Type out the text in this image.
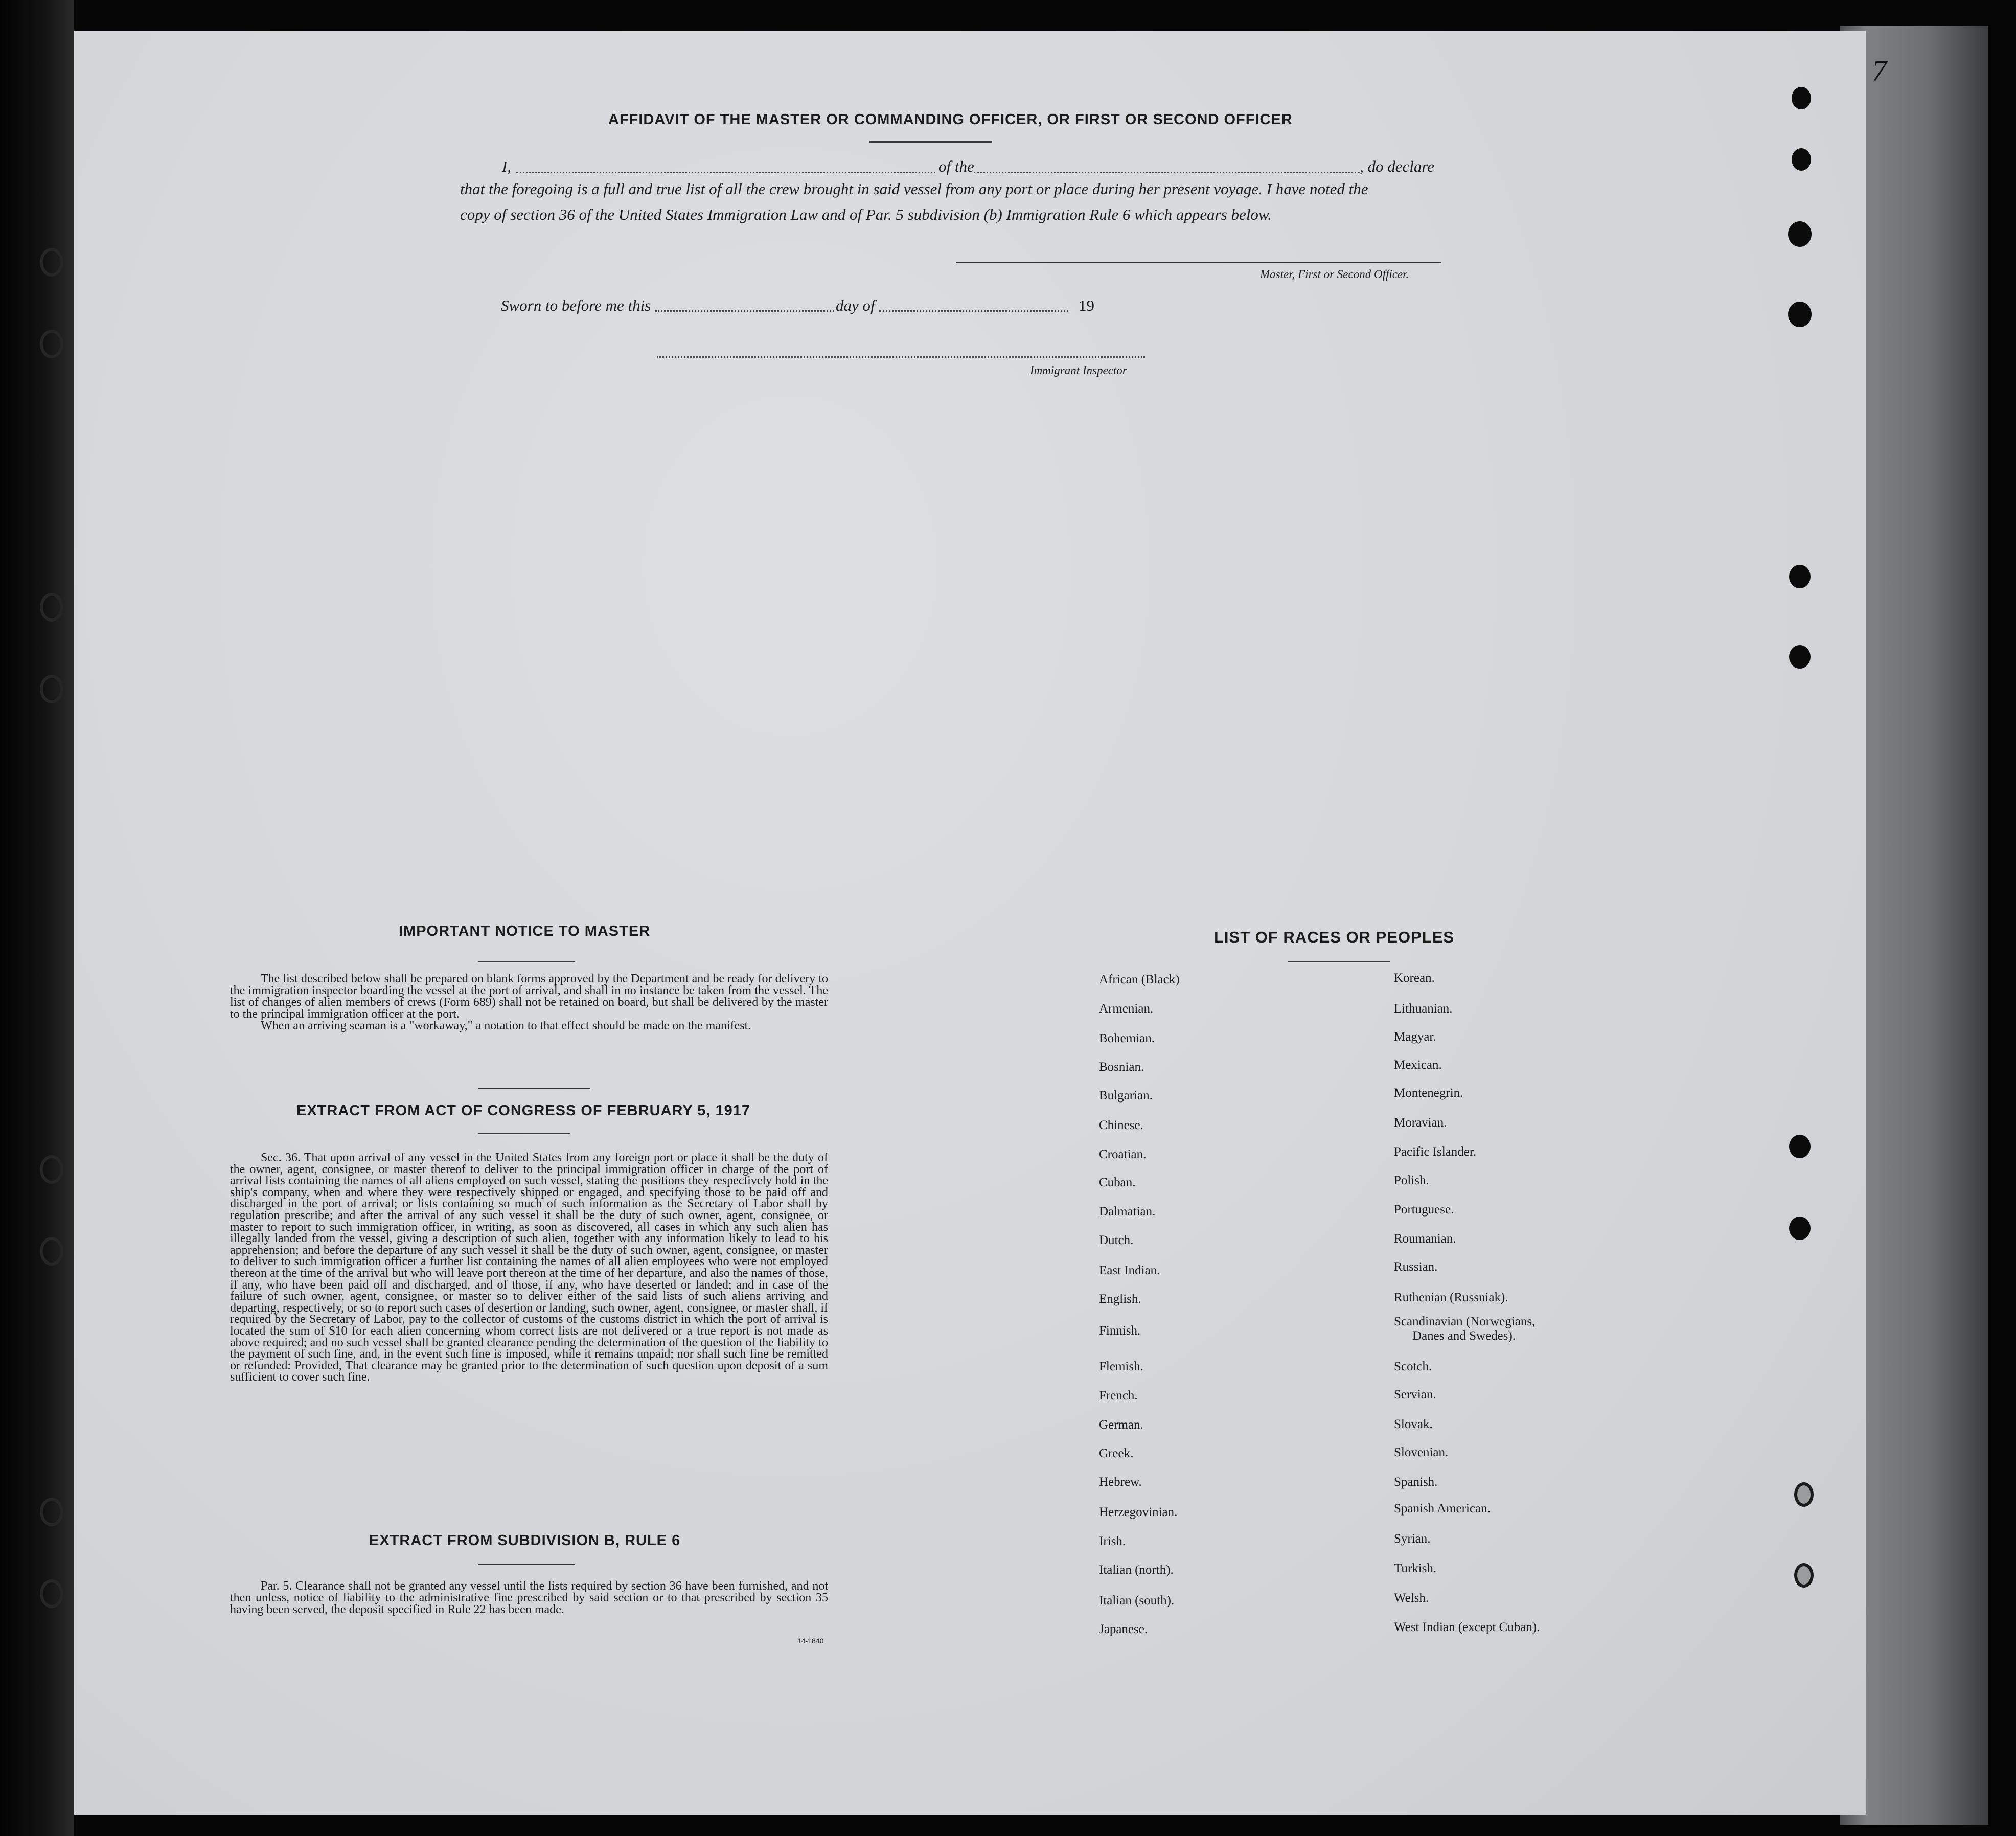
7
AFFIDAVIT OF THE MASTER OR COMMANDING OFFICER, OR FIRST OR SECOND OFFICER
I,	of the	, do declare
that the foregoing is a full and true list of all the crew brought in said vessel from any port or place during her present voyage. I have noted the
copy of section 36 of the United States Immigration Law and of Par. 5 subdivision (b) Immigration Rule 6 which appears below.
Master, First or Second Officer.
Sworn to before me this	day of	19
Immigrant Inspector
IMPORTANT NOTICE TO MASTER

The list described below shall be prepared on blank forms approved by the Department and be ready for delivery to the immigration inspector boarding the vessel at the port of arrival, and shall in no instance be taken from the vessel. The list of changes of alien members of crews (Form 689) shall not be retained on board, but shall be delivered by the master to the principal immigration officer at the port.

When an arriving seaman is a "workaway," a notation to that effect should be made on the manifest.

EXTRACT FROM ACT OF CONGRESS OF FEBRUARY 5, 1917

Sec. 36. That upon arrival of any vessel in the United States from any foreign port or place it shall be the duty of the owner, agent, consignee, or master thereof to deliver to the principal immigration officer in charge of the port of arrival lists containing the names of all aliens employed on such vessel, stating the positions they respectively hold in the ship's company, when and where they were respectively shipped or engaged, and specifying those to be paid off and discharged in the port of arrival; or lists containing so much of such information as the Secretary of Labor shall by regulation prescribe; and after the arrival of any such vessel it shall be the duty of such owner, agent, consignee, or master to report to such immigration officer, in writing, as soon as discovered, all cases in which any such alien has illegally landed from the vessel, giving a description of such alien, together with any information likely to lead to his apprehension; and before the departure of any such vessel it shall be the duty of such owner, agent, consignee, or master to deliver to such immigration officer a further list containing the names of all alien employees who were not employed thereon at the time of the arrival but who will leave port thereon at the time of her departure, and also the names of those, if any, who have been paid off and discharged, and of those, if any, who have deserted or landed; and in case of the failure of such owner, agent, consignee, or master so to deliver either of the said lists of such aliens arriving and departing, respectively, or so to report such cases of desertion or landing, such owner, agent, consignee, or master shall, if required by the Secretary of Labor, pay to the collector of customs of the customs district in which the port of arrival is located the sum of $10 for each alien concerning whom correct lists are not delivered or a true report is not made as above required; and no such vessel shall be granted clearance pending the determination of the question of the liability to the payment of such fine, and, in the event such fine is imposed, while it remains unpaid; nor shall such fine be remitted or refunded: Provided, That clearance may be granted prior to the determination of such question upon deposit of a sum sufficient to cover such fine.

EXTRACT FROM SUBDIVISION B, RULE 6

Par. 5. Clearance shall not be granted any vessel until the lists required by section 36 have been furnished, and not then unless, notice of liability to the administrative fine prescribed by said section or to that prescribed by section 35 having been served, the deposit specified in Rule 22 has been made.

14-1840
LIST OF RACES OR PEOPLES
African (Black)
Armenian.
Bohemian.
Bosnian.
Bulgarian.
Chinese.
Croatian.
Cuban.
Dalmatian.
Dutch.
East Indian.
English.
Finnish.
Flemish.
French.
German.
Greek.
Hebrew.
Herzegovinian.
Irish.
Italian (north).
Italian (south).
Japanese.
Korean.
Lithuanian.
Magyar.
Mexican.
Montenegrin.
Moravian.
Pacific Islander.
Polish.
Portuguese.
Roumanian.
Russian.
Ruthenian (Russniak).
Scandinavian (Norwegians,
Danes and Swedes).
Scotch.
Servian.
Slovak.
Slovenian.
Spanish.
Spanish American.
Syrian.
Turkish.
Welsh.
West Indian (except Cuban).
